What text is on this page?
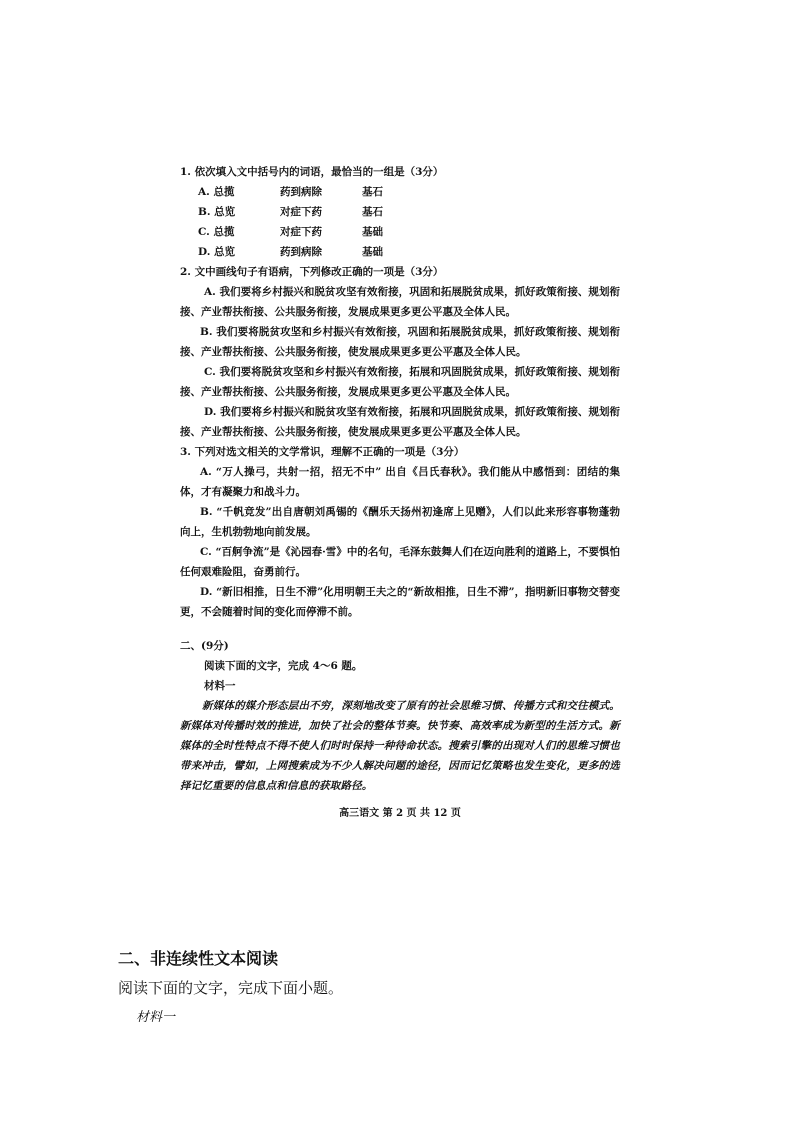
1. 依次填入文中括号内的词语，最恰当的一组是（3分）
A. 总揽	药到病除	基石
B. 总览	对症下药	基石
C. 总揽	对症下药	基础
D. 总览	药到病除	基础
2. 文中画线句子有语病，下列修改正确的一项是（3分）
A. 我们要将乡村振兴和脱贫攻坚有效衔接，巩固和拓展脱贫成果，抓好政策衔接、规划衔接、产业帮扶衔接、公共服务衔接，发展成果更多更公平惠及全体人民。
B. 我们要将脱贫攻坚和乡村振兴有效衔接，巩固和拓展脱贫成果，抓好政策衔接、规划衔接、产业帮扶衔接、公共服务衔接，使发展成果更多更公平惠及全体人民。
C. 我们要将脱贫攻坚和乡村振兴有效衔接，拓展和巩固脱贫成果，抓好政策衔接、规划衔接、产业帮扶衔接、公共服务衔接，发展成果更多更公平惠及全体人民。
D. 我们要将乡村振兴和脱贫攻坚有效衔接，拓展和巩固脱贫成果，抓好政策衔接、规划衔接、产业帮扶衔接、公共服务衔接，使发展成果更多更公平惠及全体人民。
3. 下列对选文相关的文学常识，理解不正确的一项是（3分）
A. “万人操弓，共射一招，招无不中” 出自《吕氏春秋》。我们能从中感悟到：团结的集体，才有凝聚力和战斗力。
B. “千帆竞发”出自唐朝刘禹锡的《酬乐天扬州初逢席上见赠》，人们以此来形容事物蓬勃向上，生机勃勃地向前发展。
C. “百舸争流”是《沁园春·雪》中的名句，毛泽东鼓舞人们在迈向胜利的道路上，不要惧怕任何艰难险阻，奋勇前行。
D. “新旧相推，日生不滞”化用明朝王夫之的“新故相推，日生不滞”，指明新旧事物交替变更，不会随着时间的变化而停滞不前。
二、(9分)
阅读下面的文字，完成 4～6 题。
材料一
新媒体的媒介形态层出不穷，深刻地改变了原有的社会思维习惯、传播方式和交往模式。新媒体对传播时效的推进，加快了社会的整体节奏。快节奏、高效率成为新型的生活方式。新媒体的全时性特点不得不使人们时时保持一种待命状态。搜索引擎的出现对人们的思维习惯也带来冲击，譬如，上网搜索成为不少人解决问题的途径，因而记忆策略也发生变化，更多的选择记忆重要的信息点和信息的获取路径。
高三语文 第 2 页 共 12 页
二、非连续性文本阅读
阅读下面的文字，完成下面小题。
材料一
